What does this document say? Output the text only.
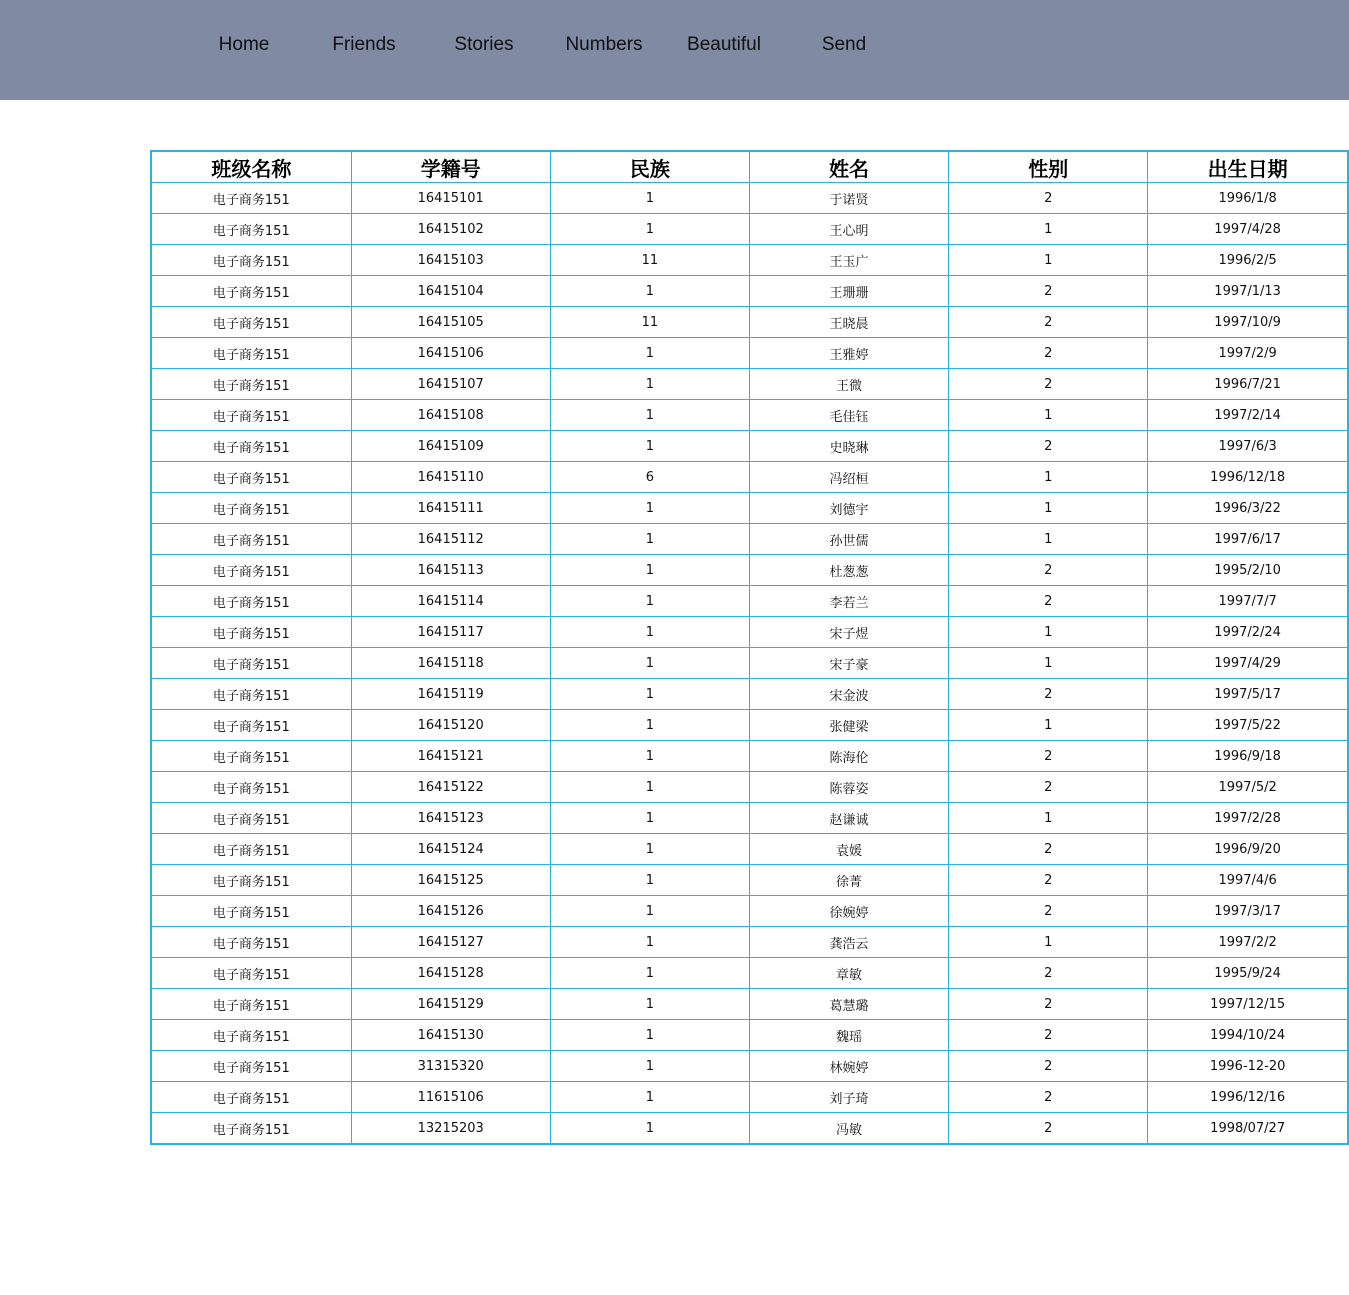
Home	Friends	Stories	Numbers	Beautiful	Send
班级名称	学籍号	民族	姓名	性别	出生日期
电子商务151	16415101	1	于诺贤	2	1996/1/8
电子商务151	16415102	1	王心明	1	1997/4/28
电子商务151	16415103	11	王玉广	1	1996/2/5
电子商务151	16415104	1	王珊珊	2	1997/1/13
电子商务151	16415105	11	王晓晨	2	1997/10/9
电子商务151	16415106	1	王雅婷	2	1997/2/9
电子商务151	16415107	1	王微	2	1996/7/21
电子商务151	16415108	1	毛佳钰	1	1997/2/14
电子商务151	16415109	1	史晓琳	2	1997/6/3
电子商务151	16415110	6	冯绍桓	1	1996/12/18
电子商务151	16415111	1	刘德宇	1	1996/3/22
电子商务151	16415112	1	孙世儒	1	1997/6/17
电子商务151	16415113	1	杜葱葱	2	1995/2/10
电子商务151	16415114	1	李若兰	2	1997/7/7
电子商务151	16415117	1	宋子煜	1	1997/2/24
电子商务151	16415118	1	宋子豪	1	1997/4/29
电子商务151	16415119	1	宋金波	2	1997/5/17
电子商务151	16415120	1	张健梁	1	1997/5/22
电子商务151	16415121	1	陈海伦	2	1996/9/18
电子商务151	16415122	1	陈蓉姿	2	1997/5/2
电子商务151	16415123	1	赵谦诚	1	1997/2/28
电子商务151	16415124	1	袁媛	2	1996/9/20
电子商务151	16415125	1	徐菁	2	1997/4/6
电子商务151	16415126	1	徐婉婷	2	1997/3/17
电子商务151	16415127	1	龚浩云	1	1997/2/2
电子商务151	16415128	1	章敏	2	1995/9/24
电子商务151	16415129	1	葛慧璐	2	1997/12/15
电子商务151	16415130	1	魏瑶	2	1994/10/24
电子商务151	31315320	1	林婉婷	2	1996-12-20
电子商务151	11615106	1	刘子琦	2	1996/12/16
电子商务151	13215203	1	冯敏	2	1998/07/27
